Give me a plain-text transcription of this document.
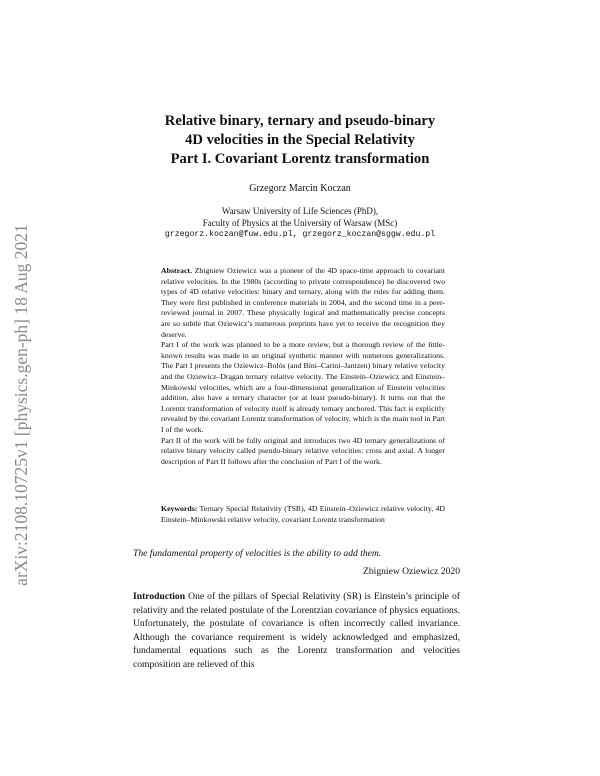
arXiv:2108.10725v1 [physics.gen-ph] 18 Aug 2021
Relative binary, ternary and pseudo-binary
4D velocities in the Special Relativity
Part I. Covariant Lorentz transformation
Grzegorz Marcin Koczan
Warsaw University of Life Sciences (PhD),
Faculty of Physics at the University of Warsaw (MSc)
grzegorz.koczan@fuw.edu.pl, grzegorz_koczan@sggw.edu.pl

Abstract. Zbigniew Oziewicz was a pioneer of the 4D space-time approach to covariant relative velocities. In the 1980s (according to private correspondence) he discovered two types of 4D relative velocities: binary and ternary, along with the rules for adding them. They were first published in conference materials in 2004, and the second time in a peer-reviewed journal in 2007. These physically logical and mathematically precise concepts are so subtle that Oziewicz’s numerous preprints have yet to receive the recognition they deserve.

Part I of the work was planned to be a more review, but a thorough review of the little-known results was made in an original synthetic manner with numerous generalizations. The Part I presents the Oziewicz–Bolós (and Bini–Carini–Jantzen) binary relative velocity and the Oziewicz–Drągan ternary relative velocity. The Einstein–Oziewicz and Einstein–Minkowski velocities, which are a four-dimensional generalization of Einstein velocities addition, also have a ternary character (or at least pseudo-binary). It turns out that the Lorentz transformation of velocity itself is already ternary anchored. This fact is explicitly revealed by the covariant Lorentz transformation of velocity, which is the main tool in Part I of the work.

Part II of the work will be fully original and introduces two 4D ternary generalizations of relative binary velocity called pseudo-binary relative velocities: cross and axial. A longer description of Part II follows after the conclusion of Part I of the work.

Keywords: Ternary Special Relativity (TSR), 4D Einstein–Oziewicz relative velocity, 4D Einstein–Minkowski relative velocity, covariant Lorentz transformation
The fundamental property of velocities is the ability to add them.
Zbigniew Oziewicz 2020
Introduction One of the pillars of Special Relativity (SR) is Einstein’s principle of relativity and the related postulate of the Lorentzian covariance of physics equations. Unfortunately, the postulate of covariance is often incorrectly called invariance. Although the covariance requirement is widely acknowledged and emphasized, fundamental equations such as the Lorentz transformation and velocities composition are relieved of this
